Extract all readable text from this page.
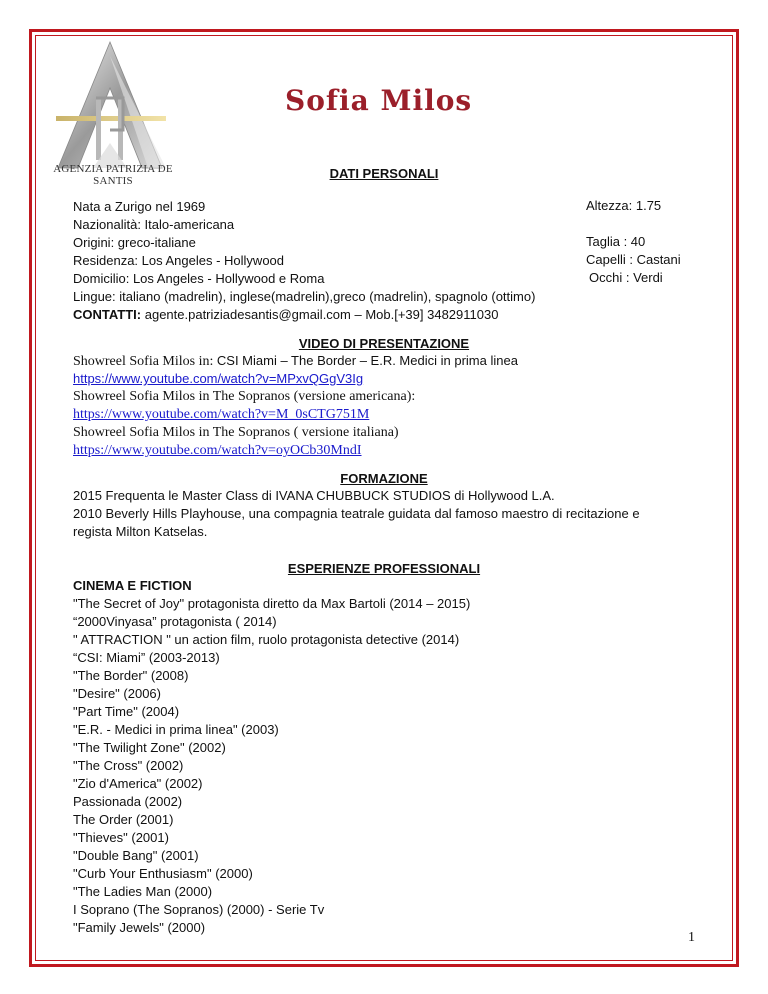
AGENZIA PATRIZIA DE SANTIS
Sofia Milos
DATI PERSONALI
Nata a Zurigo nel 1969
Nazionalità: Italo-americana
Origini: greco-italiane
Residenza: Los Angeles - Hollywood
Domicilio: Los Angeles - Hollywood e Roma
Lingue: italiano (madrelin), inglese(madrelin),greco (madrelin), spagnolo (ottimo)
CONTATTI: agente.patriziadesantis@gmail.com – Mob.[+39] 3482911030
Altezza: 1.75
Taglia : 40
Capelli : Castani
Occhi : Verdi
VIDEO DI PRESENTAZIONE
Showreel Sofia Milos in: CSI Miami – The Border – E.R. Medici in prima linea
https://www.youtube.com/watch?v=MPxvQGgV3Ig
Showreel Sofia Milos in The Sopranos (versione americana):
https://www.youtube.com/watch?v=M_0sCTG751M
Showreel Sofia Milos in The Sopranos ( versione italiana)
https://www.youtube.com/watch?v=oyOCb30MndI
FORMAZIONE
2015 Frequenta le Master Class di IVANA CHUBBUCK STUDIOS di Hollywood L.A.
2010 Beverly Hills Playhouse, una compagnia teatrale guidata dal famoso maestro di recitazione e
regista Milton Katselas.
ESPERIENZE PROFESSIONALI
CINEMA E FICTION
"The Secret of Joy" protagonista diretto da Max Bartoli (2014 – 2015)
“2000Vinyasa” protagonista ( 2014)
" ATTRACTION " un action film, ruolo protagonista detective (2014)
“CSI: Miami” (2003-2013)
"The Border" (2008)
"Desire" (2006)
"Part Time" (2004)
"E.R. - Medici in prima linea" (2003)
"The Twilight Zone" (2002)
"The Cross" (2002)
"Zio d'America" (2002)
Passionada (2002)
The Order (2001)
"Thieves" (2001)
"Double Bang" (2001)
"Curb Your Enthusiasm" (2000)
"The Ladies Man (2000)
I Soprano (The Sopranos) (2000) - Serie Tv
"Family Jewels" (2000)
1
